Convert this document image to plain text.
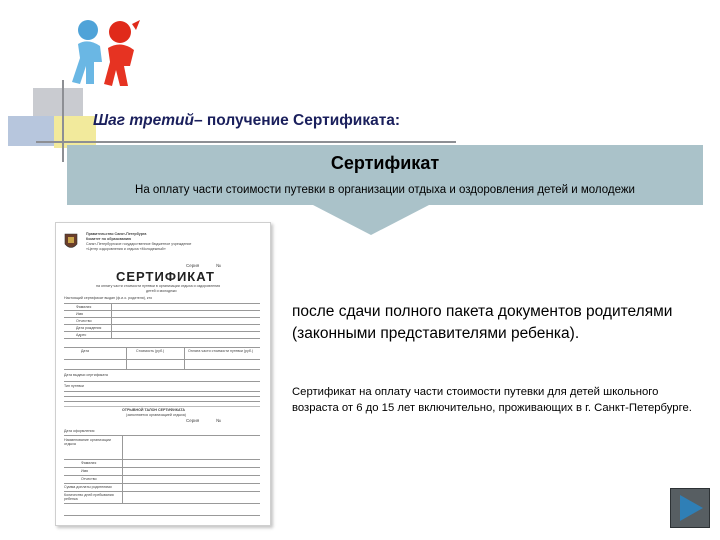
Шаг третий– получение Сертификата:
Сертификат
На оплату части стоимости путевки в организации отдыха и оздоровления детей и молодежи
Правительство Санкт-Петербурга
Комитет по образованию
Санкт-Петербургское государственное бюджетное учреждение
«Центр оздоровления и отдыха «Молодежный»
Серия	№
СЕРТИФИКАТ
на оплату части стоимости путевки в организации отдыха и оздоровления
детей и молодежи
Настоящий сертификат выдан (ф.и.о. родителя), кто
Фамилия
Имя
Отчество
Дата рождения
Адрес
Дата	Стоимость (руб.)	Оплата части стоимости путевки (руб.)
Дата выдачи сертификата
Тип путевки
ОТРЫВНОЙ ТАЛОН СЕРТИФИКАТА
(заполняется организацией отдыха)
Серия	№
Дата оформления
Наименование организации отдыха
Фамилия
Имя
Отчество
Сумма доплаты родителями
Количество дней пребывания ребенка
после сдачи полного пакета документов родителями (законными представителями ребенка).
Сертификат на оплату части стоимости путевки для детей школьного возраста от 6 до 15 лет включительно, проживающих в г. Санкт-Петербурге.
